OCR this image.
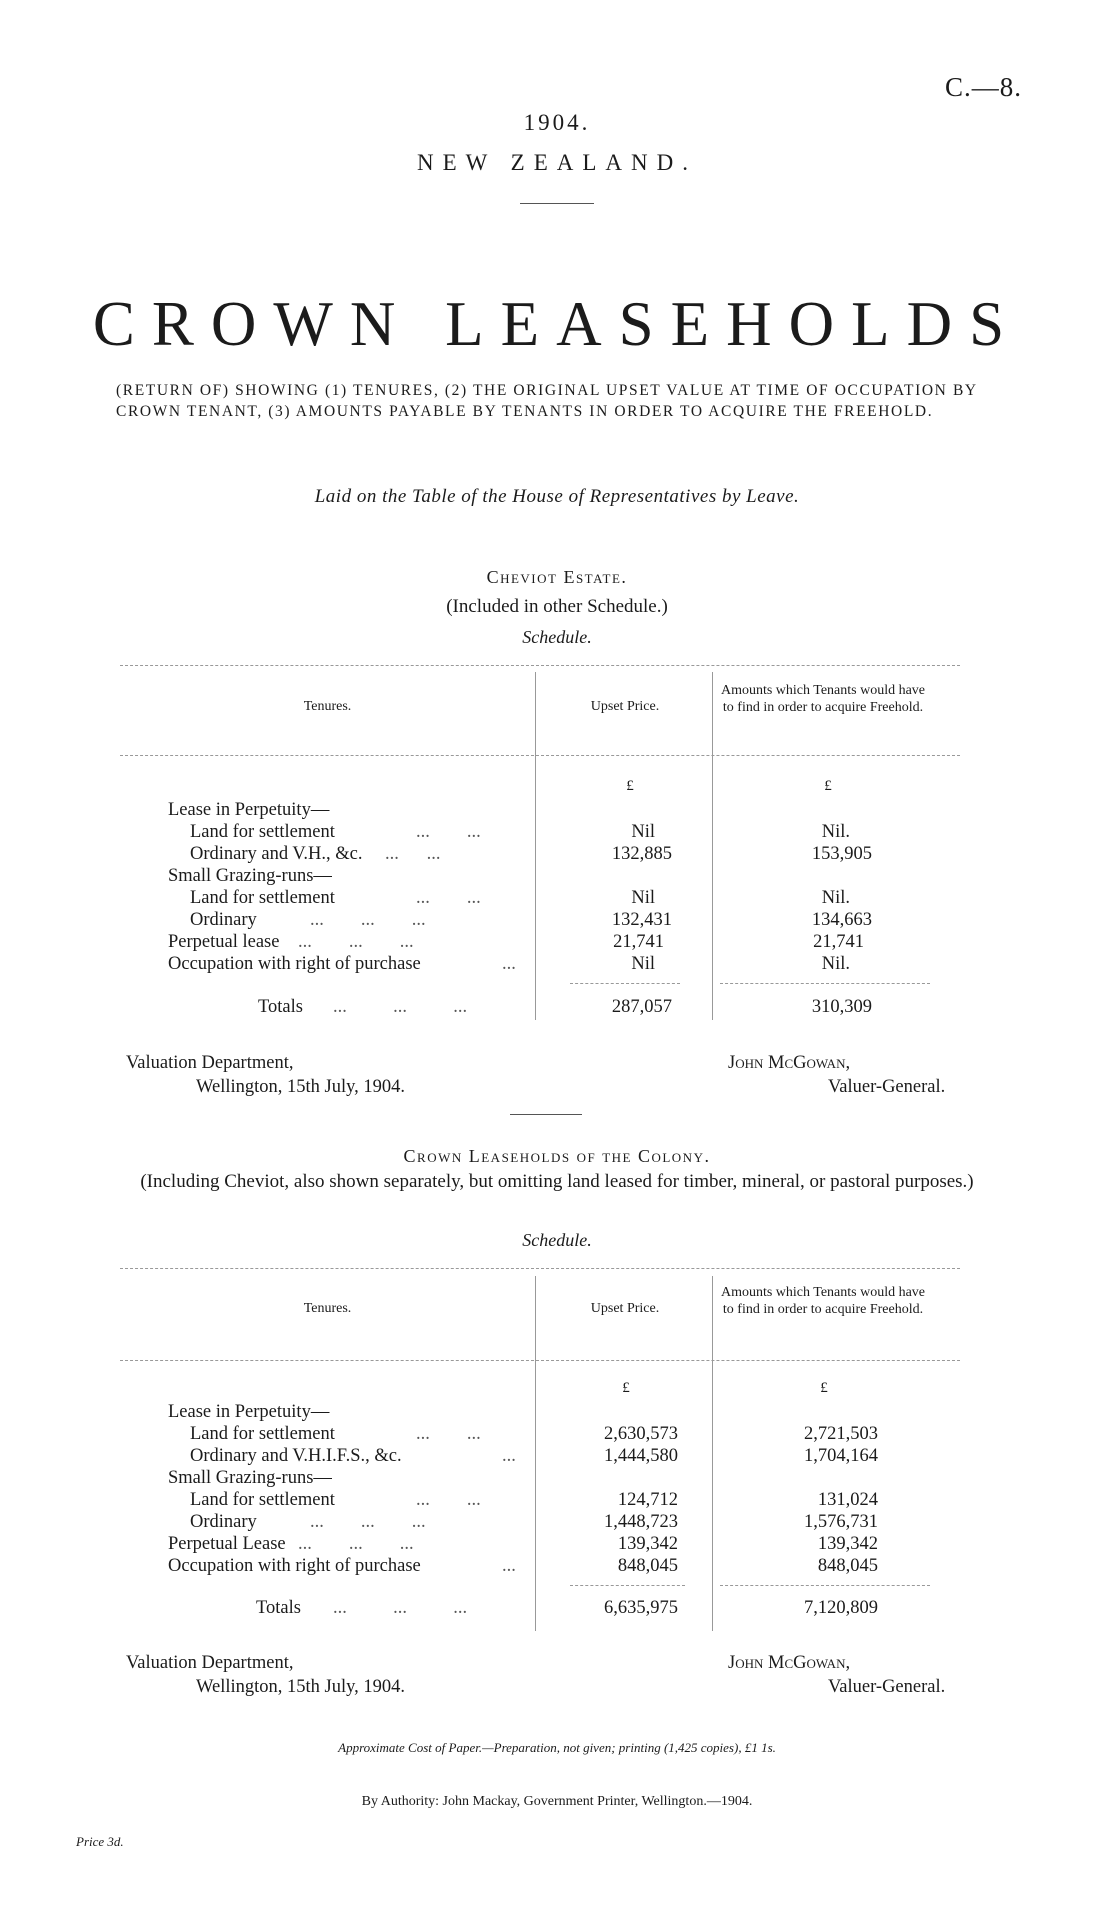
C.—8.
1904.
NEW ZEALAND.
CROWN LEASEHOLDS
(RETURN OF) SHOWING (1) TENURES, (2) THE ORIGINAL UPSET VALUE AT TIME OF OCCUPATION BY CROWN TENANT, (3) AMOUNTS PAYABLE BY TENANTS IN ORDER TO ACQUIRE THE FREEHOLD.
Laid on the Table of the House of Representatives by Leave.
Cheviot Estate.
(Included in other Schedule.)
Schedule.
Tenures.	Upset Price.
Amounts which Tenants would have to find in order to acquire Freehold.
£	£
Lease in Perpetuity—
Land for settlement	...        ...	Nil	Nil.
Ordinary and V.H., &c. ...      ...	132,885	153,905
Small Grazing-runs—
Land for settlement	...        ...	Nil	Nil.
Ordinary	...        ...        ...	132,431	134,663
Perpetual lease ...        ...        ...	21,741	21,741
Occupation with right of purchase	...	Nil	Nil.
Totals ...          ...          ...	287,057	310,309
Valuation Department,
Wellington, 15th July, 1904.
John McGowan,
Valuer-General.
Crown Leaseholds of the Colony.
(Including Cheviot, also shown separately, but omitting land leased for timber, mineral, or pastoral purposes.)
Schedule.
Tenures.	Upset Price.
Amounts which Tenants would have to find in order to acquire Freehold.
£	£
Lease in Perpetuity—
Land for settlement	...        ...	2,630,573	2,721,503
Ordinary and V.H.I.F.S., &c.	...	1,444,580	1,704,164
Small Grazing-runs—
Land for settlement	...        ...	124,712	131,024
Ordinary	...        ...        ...	1,448,723	1,576,731
Perpetual Lease ...        ...        ...	139,342	139,342
Occupation with right of purchase	...	848,045	848,045
Totals ...          ...          ...	6,635,975	7,120,809
Valuation Department,
Wellington, 15th July, 1904.
John McGowan,
Valuer-General.
Approximate Cost of Paper.—Preparation, not given; printing (1,425 copies), £1 1s.
By Authority: John Mackay, Government Printer, Wellington.—1904.
Price 3d.
